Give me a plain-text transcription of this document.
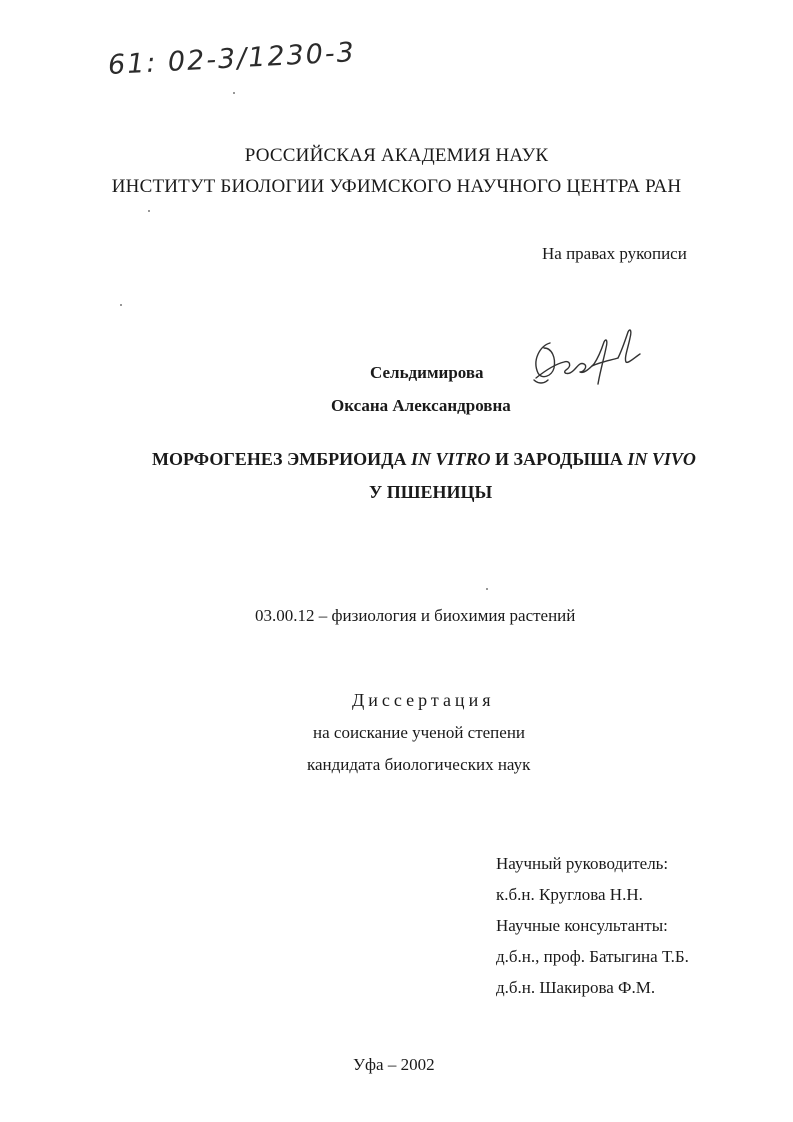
61: 02-3/1230-3
РОССИЙСКАЯ АКАДЕМИЯ НАУК
ИНСТИТУТ БИОЛОГИИ УФИМСКОГО НАУЧНОГО ЦЕНТРА РАН
На правах рукописи
Сельдимирова
Оксана Александровна
МОРФОГЕНЕЗ ЭМБРИОИДА IN VITRO И ЗАРОДЫША IN VIVO
У ПШЕНИЦЫ
03.00.12 – физиология и биохимия растений
Диссертация
на соискание ученой степени
кандидата биологических наук
Научный руководитель:
к.б.н. Круглова Н.Н.
Научные консультанты:
д.б.н., проф. Батыгина Т.Б.
д.б.н. Шакирова Ф.М.
Уфа – 2002
